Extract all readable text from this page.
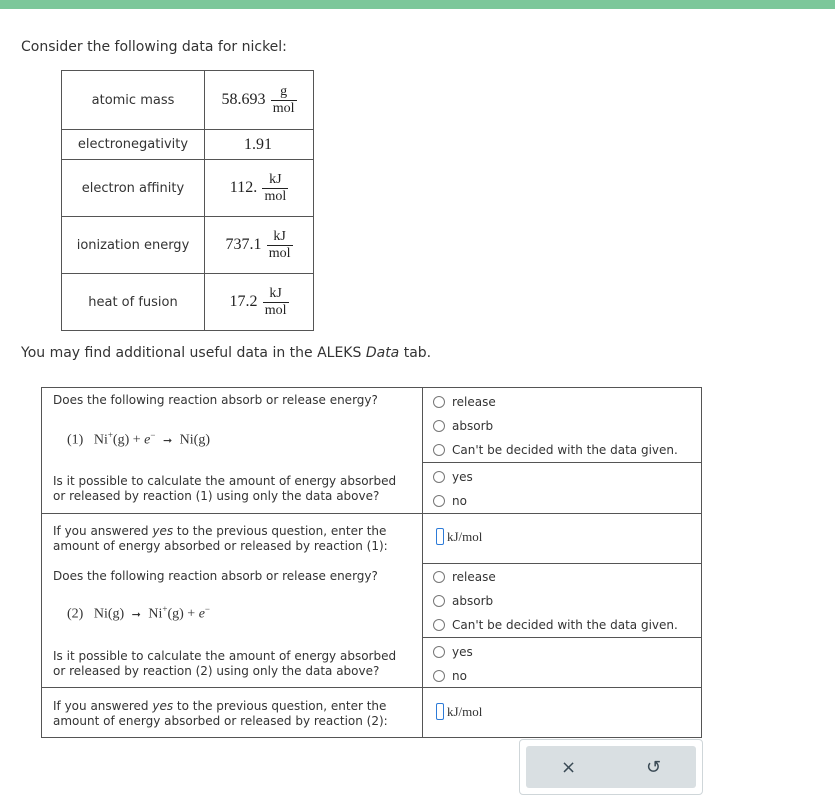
Consider the following data for nickel:
atomic mass	$58.693 \frac{g}{\text{mol}}$

electronegativity	1.91
electron affinity	112. $\frac{kJ}{\text{mol}}$

ionization energy	$737.1 \frac{kJ}{\text{mol}}$

heat of fusion	$17.2 \frac{kJ}{\text{mol}}$
You may find additional useful data in the ALEKS Data tab.
Does the following reaction absorb or release energy?
(1) Ni+(g) + e− ➞ Ni(g)
release
absorb
Can't be decided with the data given.
Is it possible to calculate the amount of energy absorbed
or released by reaction (1) using only the data above?
yes
no
If you answered yes to the previous question, enter the
amount of energy absorbed or released by reaction (1):
kJ/mol
Does the following reaction absorb or release energy?
(2) Ni(g) ➞ Ni+(g) + e−
release
absorb
Can't be decided with the data given.
Is it possible to calculate the amount of energy absorbed
or released by reaction (2) using only the data above?
yes
no
If you answered yes to the previous question, enter the
amount of energy absorbed or released by reaction (2):
kJ/mol
×	↺
